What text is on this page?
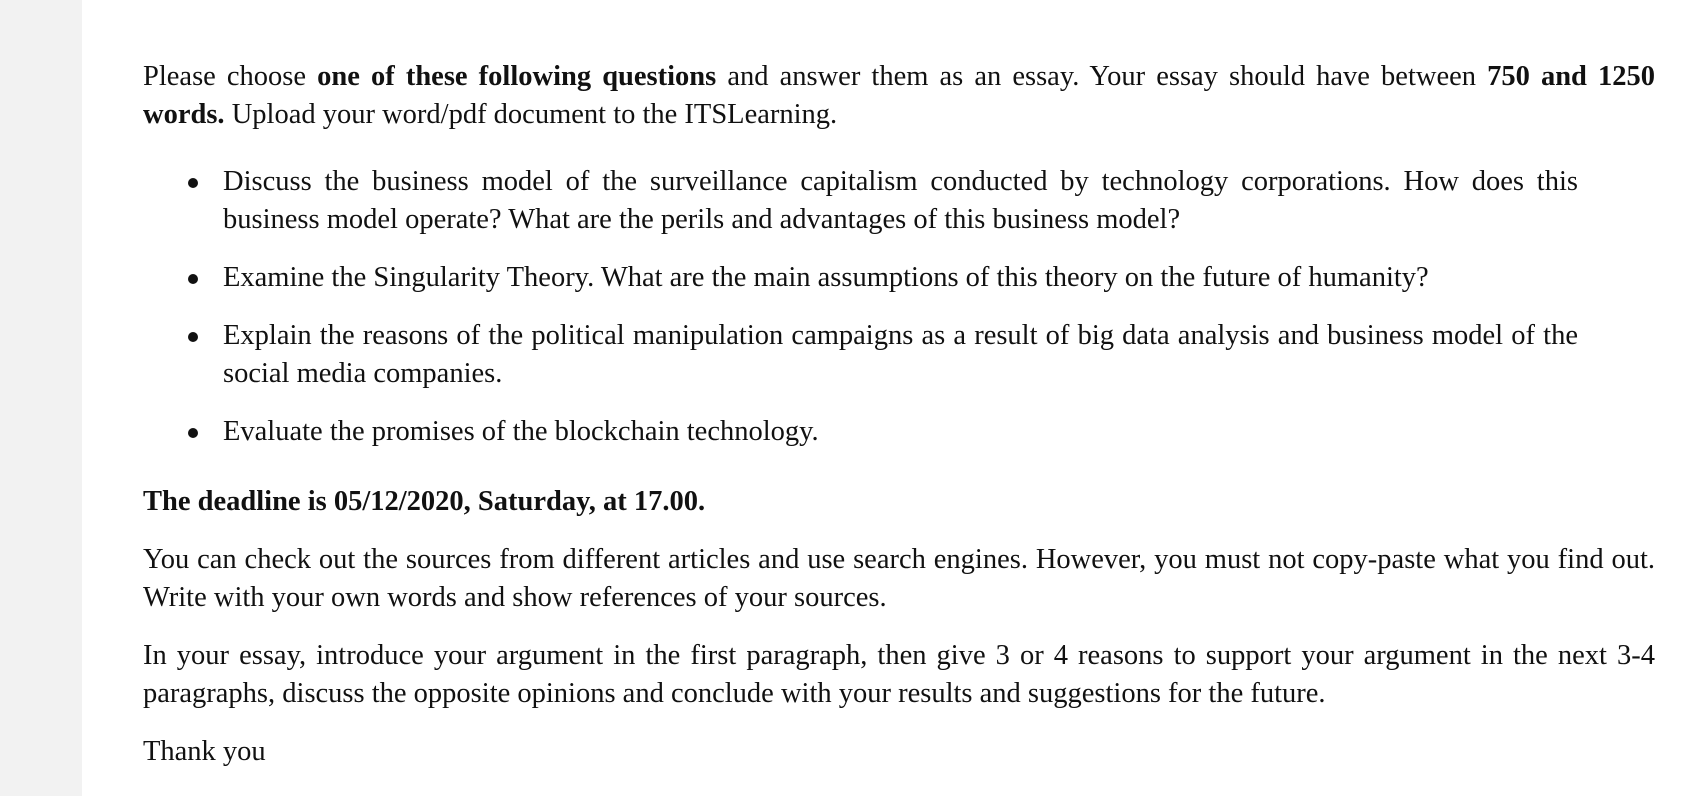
Please choose one of these following questions and answer them as an essay. Your essay should have between 750 and 1250 words. Upload your word/pdf document to the ITSLearning.

Discuss the business model of the surveillance capitalism conducted by technology corporations. How does this business model operate? What are the perils and advantages of this business model?
Examine the Singularity Theory. What are the main assumptions of this theory on the future of humanity?
Explain the reasons of the political manipulation campaigns as a result of big data analysis and business model of the social media companies.
Evaluate the promises of the blockchain technology.

The deadline is 05/12/2020, Saturday, at 17.00.

You can check out the sources from different articles and use search engines. However, you must not copy-paste what you find out. Write with your own words and show references of your sources.

In your essay, introduce your argument in the first paragraph, then give 3 or 4 reasons to support your argument in the next 3-4 paragraphs, discuss the opposite opinions and conclude with your results and suggestions for the future.

Thank you
